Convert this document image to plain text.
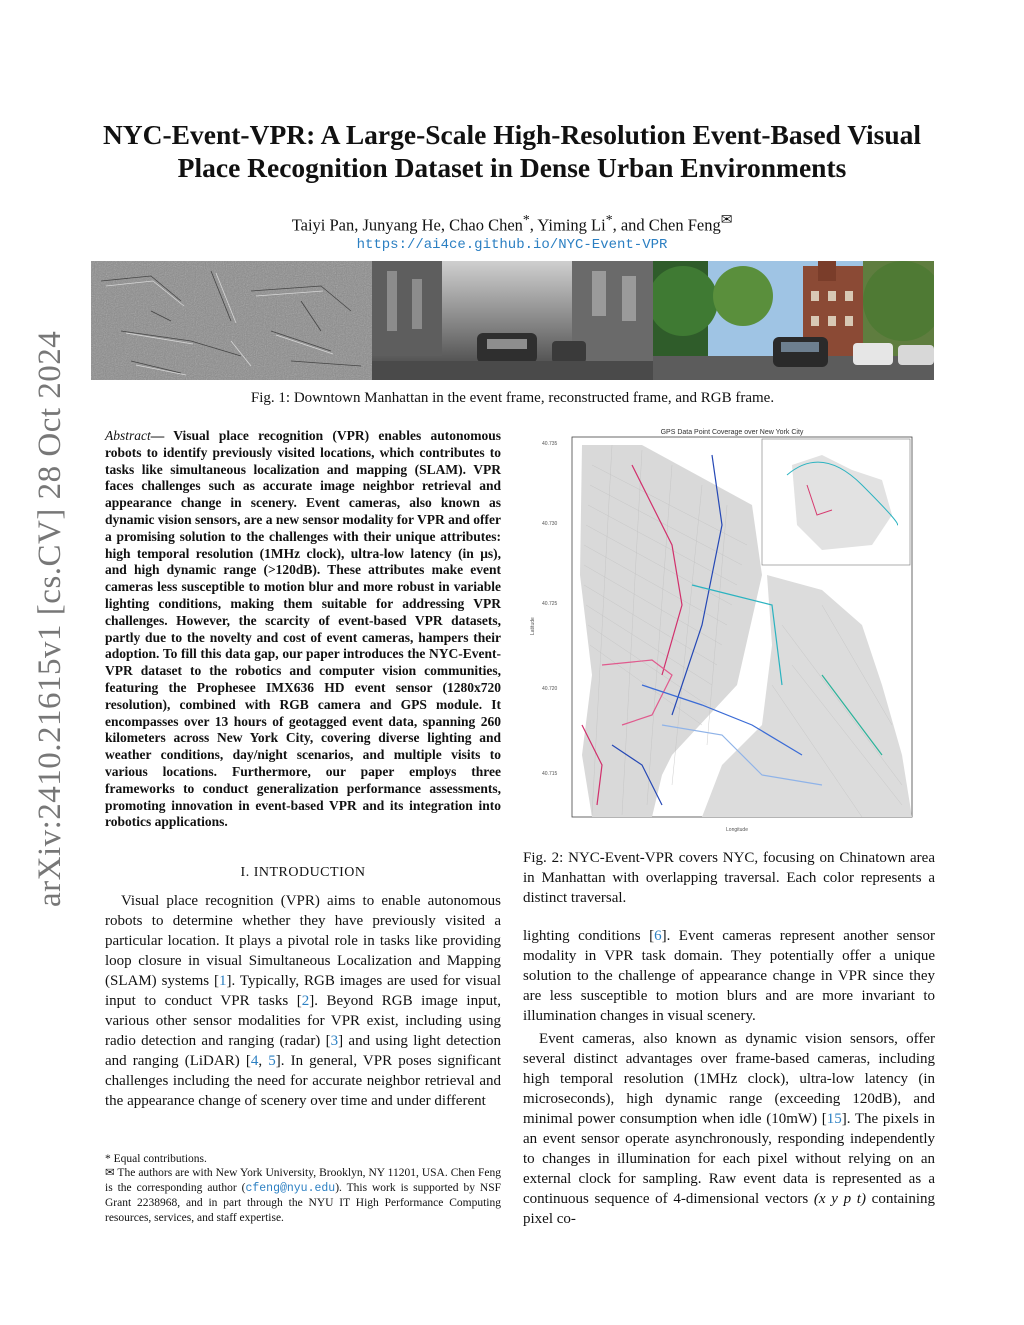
arXiv:2410.21615v1 [cs.CV] 28 Oct 2024
NYC-Event-VPR: A Large-Scale High-Resolution Event-Based Visual Place Recognition Dataset in Dense Urban Environments
Taiyi Pan, Junyang He, Chao Chen*, Yiming Li*, and Chen Feng✉
https://ai4ce.github.io/NYC-Event-VPR
Fig. 1: Downtown Manhattan in the event frame, reconstructed frame, and RGB frame.
Abstract— Visual place recognition (VPR) enables autonomous robots to identify previously visited locations, which contributes to tasks like simultaneous localization and mapping (SLAM). VPR faces challenges such as accurate image neighbor retrieval and appearance change in scenery. Event cameras, also known as dynamic vision sensors, are a new sensor modality for VPR and offer a promising solution to the challenges with their unique attributes: high temporal resolution (1MHz clock), ultra-low latency (in μs), and high dynamic range (>120dB). These attributes make event cameras less susceptible to motion blur and more robust in variable lighting conditions, making them suitable for addressing VPR challenges. However, the scarcity of event-based VPR datasets, partly due to the novelty and cost of event cameras, hampers their adoption. To fill this data gap, our paper introduces the NYC-Event-VPR dataset to the robotics and computer vision communities, featuring the Prophesee IMX636 HD event sensor (1280x720 resolution), combined with RGB camera and GPS module. It encompasses over 13 hours of geotagged event data, spanning 260 kilometers across New York City, covering diverse lighting and weather conditions, day/night scenarios, and multiple visits to various locations. Furthermore, our paper employs three frameworks to conduct generalization performance assessments, promoting innovation in event-based VPR and its integration into robotics applications.
I. INTRODUCTION
Visual place recognition (VPR) aims to enable autonomous robots to determine whether they have previously visited a particular location. It plays a pivotal role in tasks like providing loop closure in visual Simultaneous Localization and Mapping (SLAM) systems [1]. Typically, RGB images are used for visual input to conduct VPR tasks [2]. Beyond RGB image input, various other sensor modalities for VPR exist, including using radio detection and ranging (radar) [3] and using light detection and ranging (LiDAR) [4, 5]. In general, VPR poses significant challenges including the need for accurate neighbor retrieval and the appearance change of scenery over time and under different

* Equal contributions.

✉ The authors are with New York University, Brooklyn, NY 11201, USA. Chen Feng is the corresponding author (cfeng@nyu.edu). This work is supported by NSF Grant 2238968, and in part through the NYU IT High Performance Computing resources, services, and staff expertise.

GPS Data Point Coverage over New York City
40.735
40.730
40.725
40.720
40.715
Latitude
Longitude
Fig. 2: NYC-Event-VPR covers NYC, focusing on Chinatown area in Manhattan with overlapping traversal. Each color represents a distinct traversal.
lighting conditions [6]. Event cameras represent another sensor modality in VPR task domain. They potentially offer a unique solution to the challenge of appearance change in VPR since they are less susceptible to motion blurs and are more invariant to illumination changes in visual scenery.
Event cameras, also known as dynamic vision sensors, offer several distinct advantages over frame-based cameras, including high temporal resolution (1MHz clock), ultra-low latency (in microseconds), high dynamic range (exceeding 120dB), and minimal power consumption when idle (10mW) [15]. The pixels in an event sensor operate asynchronously, responding independently to changes in illumination for each pixel without relying on an external clock for sampling. Raw event data is represented as a continuous sequence of 4-dimensional vectors (x y p t) containing pixel co-
